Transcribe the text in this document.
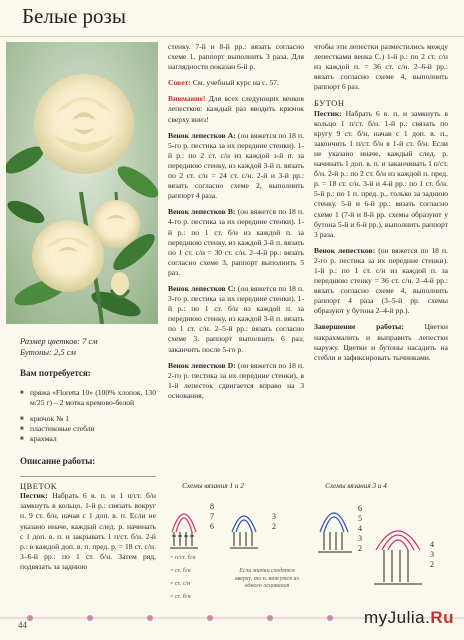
Белые розы
Размер цветков: 7 см
Бутоны: 2,5 см
Вам потребуется:
■ пряжа «Floretta 10» (100% хлопок, 130 м/25 г) – 2 мотка кремово-белой
■ крючок № 1
■ пластиковые стебли
■ крахмал
Описание работы:
ЦВЕТОК

Пестик: Набрать 6 в. п. и 1 п/ст. б/н замкнуть в кольцо. 1-й р.: связать вокруг п. 9 ст. б/н, начав с 1 доп. в. п. Если не указано иначе, каждый след. р. начинать с 1 доп. в. п. и закрывать 1 п/ст. б/н. 2-й р.: в каждой доп. в. п. пред. р. = 18 ст. с/н. 3–6-й рр.: по 1 ст. б/н. Затем ряд, подвязать за заднюю

стенку. 7-й и 8-й рр.: вязать согласно схеме 1, раппорт выполнить 3 раза. Для наглядности показан 6-й р.

Совет: См. учебный курс на с. 57.

Внимание! Для всех следующих венков лепестков: каждый раз вводить крючок сверху вниз!

Венок лепестков A: (он вяжется по 18 п. 5-го р. пестика за их передние стенки). 1-й р.: по 2 ст. с/н из каждой з-й п. за переднюю стенку, из каждой 3-й п. вязать по 2 ст. с/н = 24 ст. с/н. 2-й и 3-й рр.: вязать согласно схеме 2, выполнить раппорт 4 раза.

Венок лепестков B: (он вяжется по 18 п. 4-го р. пестика за их передние стенки). 1-й р.: по 1 ст. б/н из каждой п. за переднюю стенку, из каждой 3-й п. вязать по 1 ст. с/н = 30 ст. с/н. 2–4-й рр.: вязать согласно схеме 3, раппорт выполнить 5 раз.

Венок лепестков C: (он вяжется по 18 п. 3-го р. пестика за их передние стенки). 1-й р.: по 1 ст. б/н из каждой п. за переднюю стенку, из каждой 3-й п. вязать по 1 ст. с/н. 2–5-й рр.: вязать согласно схеме 3, раппорт выполнить 6 раз; заканчить после 5-го р.

Венок лепестков D: (он вяжется по 18 п. 2-го р. пестика за их передние стенки), в 1-й лепесток сдвигается вправо на 3 основания,

чтобы эти лепестки разместились между лепестками венка C.) 1-й р.: по 2 ст. с/н из каждой п. = 36 ст. с/н. 2–6-й рр.: вязать согласно схеме 4, выполнить раппорт 6 раз.

БУТОН

Пестик: Набрать 6 в. п. и замкнуть в кольцо 1 п/ст. б/н. 1-й р.: связать по кругу 9 ст. б/н, начав с 1 доп. в. п., закончить 1 п/ст. б/н в 1-й ст. б/н. Если не указано иначе, каждый след. р. начинать 1 доп. в. п. и заканчивать 1 п/ст. б/н. 2-й р.: по 2 ст. б/н из каждой п. пред. р. = 18 ст. с/н. 3-й и 4-й рр.: по 1 ст. б/н. 5-й р.: по 1 п. пред. р., только за заднюю стенку. 5-й и 6-й рр.: вязать согласно схеме 1 (7-й и 8-й рр. схемы образуют у бутона 5-й и 6-й рр.), выполнить раппорт 3 раза.

Венок лепестков: (он вяжется по 18 п. 2-го р. пестика за их передние стенки). 1-й р.: по 1 ст. с/н из каждой п. за переднюю стенку = 36 ст. с/н. 2–4-й рр.: вязать согласно схеме 4, выполнить раппорт 4 раза (3–5-й рр. схемы образуют у бутона 2–4-й рр.).

Завершение работы:	Цветки накрахмалить и выправить лепестки наружу. Цветки и бутоны насадить на стебли и зафиксировать тычинками.

Схемы вязания 1 и 2
8
7
6
3
2
= п/ст. б/н
= ст. б/н
= ст. с/н
= ст. б/н
Если значки сходятся вверху, то п. вяжутся из одного основания
Схемы вязания 3 и 4
6
5
4
3
2	4
3
2
44	myJulia.Ru
